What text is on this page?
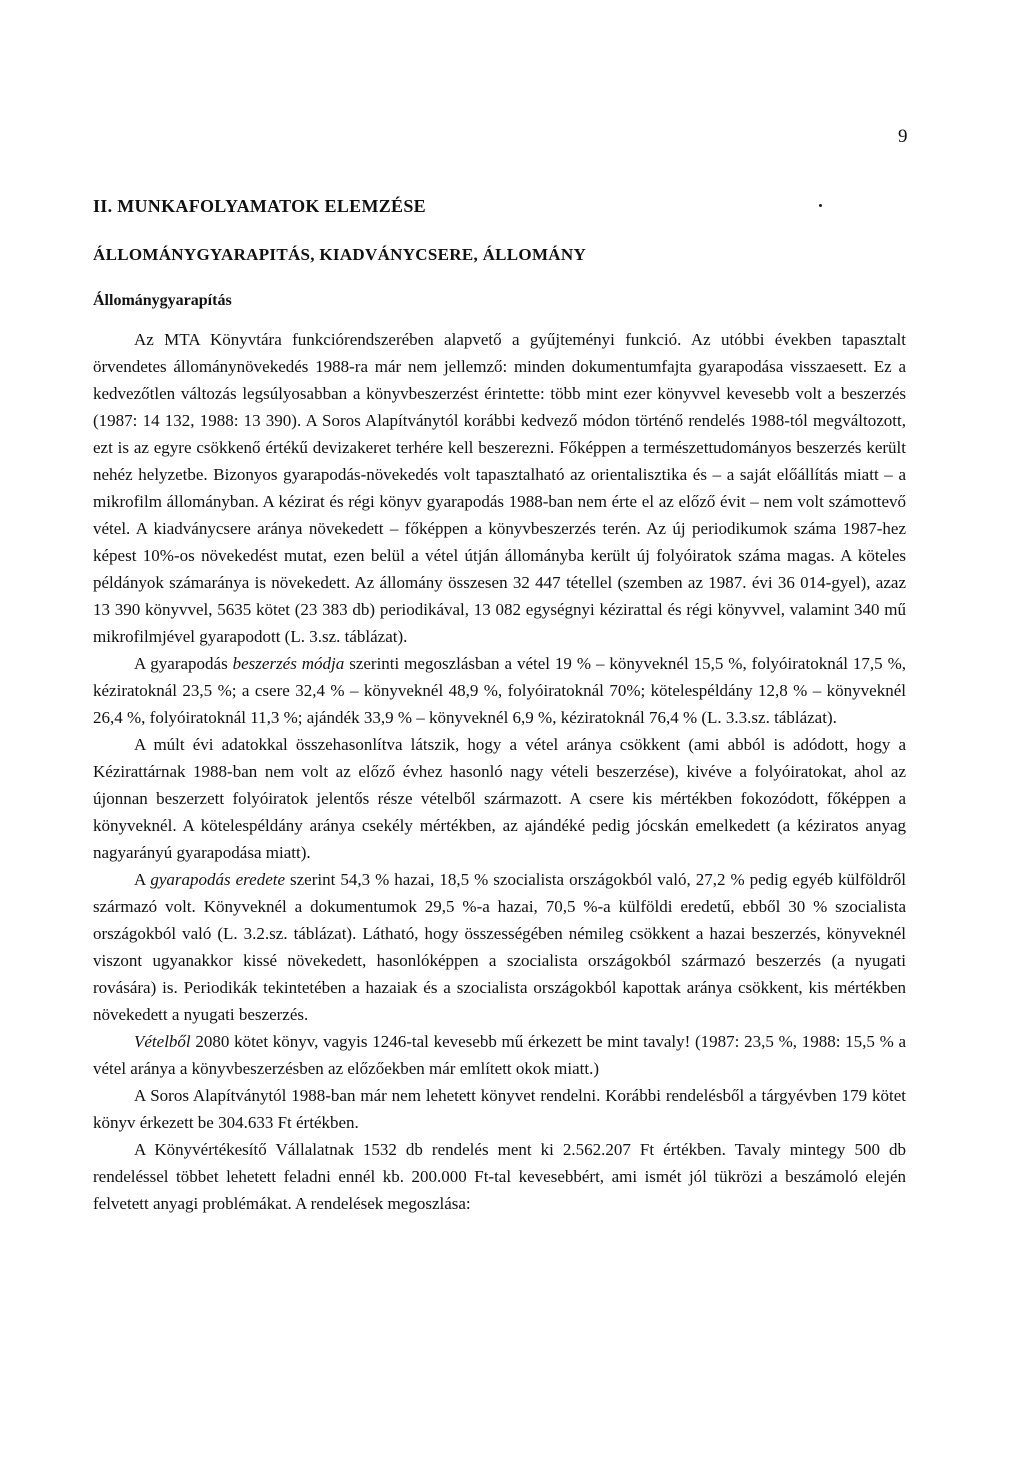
9
II. MUNKAFOLYAMATOK ELEMZÉSE
ÁLLOMÁNYGYARAPITÁS, KIADVÁNYCSERE, ÁLLOMÁNY
Állománygyarapítás

Az MTA Könyvtára funkciórendszerében alapvető a gyűjteményi funkció. Az utóbbi években tapasztalt örvendetes állománynövekedés 1988-ra már nem jellemző: minden dokumentumfajta gyarapodása visszaesett. Ez a kedvezőtlen változás legsúlyosabban a könyvbeszerzést érintette: több mint ezer könyvvel kevesebb volt a beszerzés (1987: 14 132, 1988: 13 390). A Soros Alapítványtól korábbi kedvező módon történő rendelés 1988-tól megváltozott, ezt is az egyre csökkenő értékű devizakeret terhére kell beszerezni. Főképpen a természettudományos beszerzés került nehéz helyzetbe. Bizonyos gyarapodás-növekedés volt tapasztalható az orientalisztika és – a saját előállítás miatt – a mikrofilm állományban. A kézirat és régi könyv gyarapodás 1988-ban nem érte el az előző évit – nem volt számottevő vétel. A kiadványcsere aránya növekedett – főképpen a könyvbeszerzés terén. Az új periodikumok száma 1987-hez képest 10%-os növekedést mutat, ezen belül a vétel útján állományba került új folyóiratok száma magas. A köteles példányok számaránya is növekedett. Az állomány összesen 32 447 tétellel (szemben az 1987. évi 36 014-gyel), azaz 13 390 könyvvel, 5635 kötet (23 383 db) periodikával, 13 082 egységnyi kézirattal és régi könyvvel, valamint 340 mű mikrofilmjével gyarapodott (L. 3.sz. táblázat).

A gyarapodás beszerzés módja szerinti megoszlásban a vétel 19 % – könyveknél 15,5 %, folyóiratoknál 17,5 %, kéziratoknál 23,5 %; a csere 32,4 % – könyveknél 48,9 %, folyóiratoknál 70%; kötelespéldány 12,8 % – könyveknél 26,4 %, folyóiratoknál 11,3 %; ajándék 33,9 % – könyveknél 6,9 %, kéziratoknál 76,4 % (L. 3.3.sz. táblázat).

A múlt évi adatokkal összehasonlítva látszik, hogy a vétel aránya csökkent (ami abból is adódott, hogy a Kézirattárnak 1988-ban nem volt az előző évhez hasonló nagy vételi beszerzése), kivéve a folyóiratokat, ahol az újonnan beszerzett folyóiratok jelentős része vételből származott. A csere kis mértékben fokozódott, főképpen a könyveknél. A kötelespéldány aránya csekély mértékben, az ajándéké pedig jócskán emelkedett (a kéziratos anyag nagyarányú gyarapodása miatt).

A gyarapodás eredete szerint 54,3 % hazai, 18,5 % szocialista országokból való, 27,2 % pedig egyéb külföldről származó volt. Könyveknél a dokumentumok 29,5 %-a hazai, 70,5 %-a külföldi eredetű, ebből 30 % szocialista országokból való (L. 3.2.sz. táblázat). Látható, hogy összességében némileg csökkent a hazai beszerzés, könyveknél viszont ugyanakkor kissé növekedett, hasonlóképpen a szocialista országokból származó beszerzés (a nyugati rovására) is. Periodikák tekintetében a hazaiak és a szocialista országokból kapottak aránya csökkent, kis mértékben növekedett a nyugati beszerzés.

Vételből 2080 kötet könyv, vagyis 1246-tal kevesebb mű érkezett be mint tavaly! (1987: 23,5 %, 1988: 15,5 % a vétel aránya a könyvbeszerzésben az előzőekben már említett okok miatt.)

A Soros Alapítványtól 1988-ban már nem lehetett könyvet rendelni. Korábbi rendelésből a tárgyévben 179 kötet könyv érkezett be 304.633 Ft értékben.

A Könyvértékesítő Vállalatnak 1532 db rendelés ment ki 2.562.207 Ft értékben. Tavaly mintegy 500 db rendeléssel többet lehetett feladni ennél kb. 200.000 Ft-tal kevesebbért, ami ismét jól tükrözi a beszámoló elején felvetett anyagi problémákat. A rendelések megoszlása:
